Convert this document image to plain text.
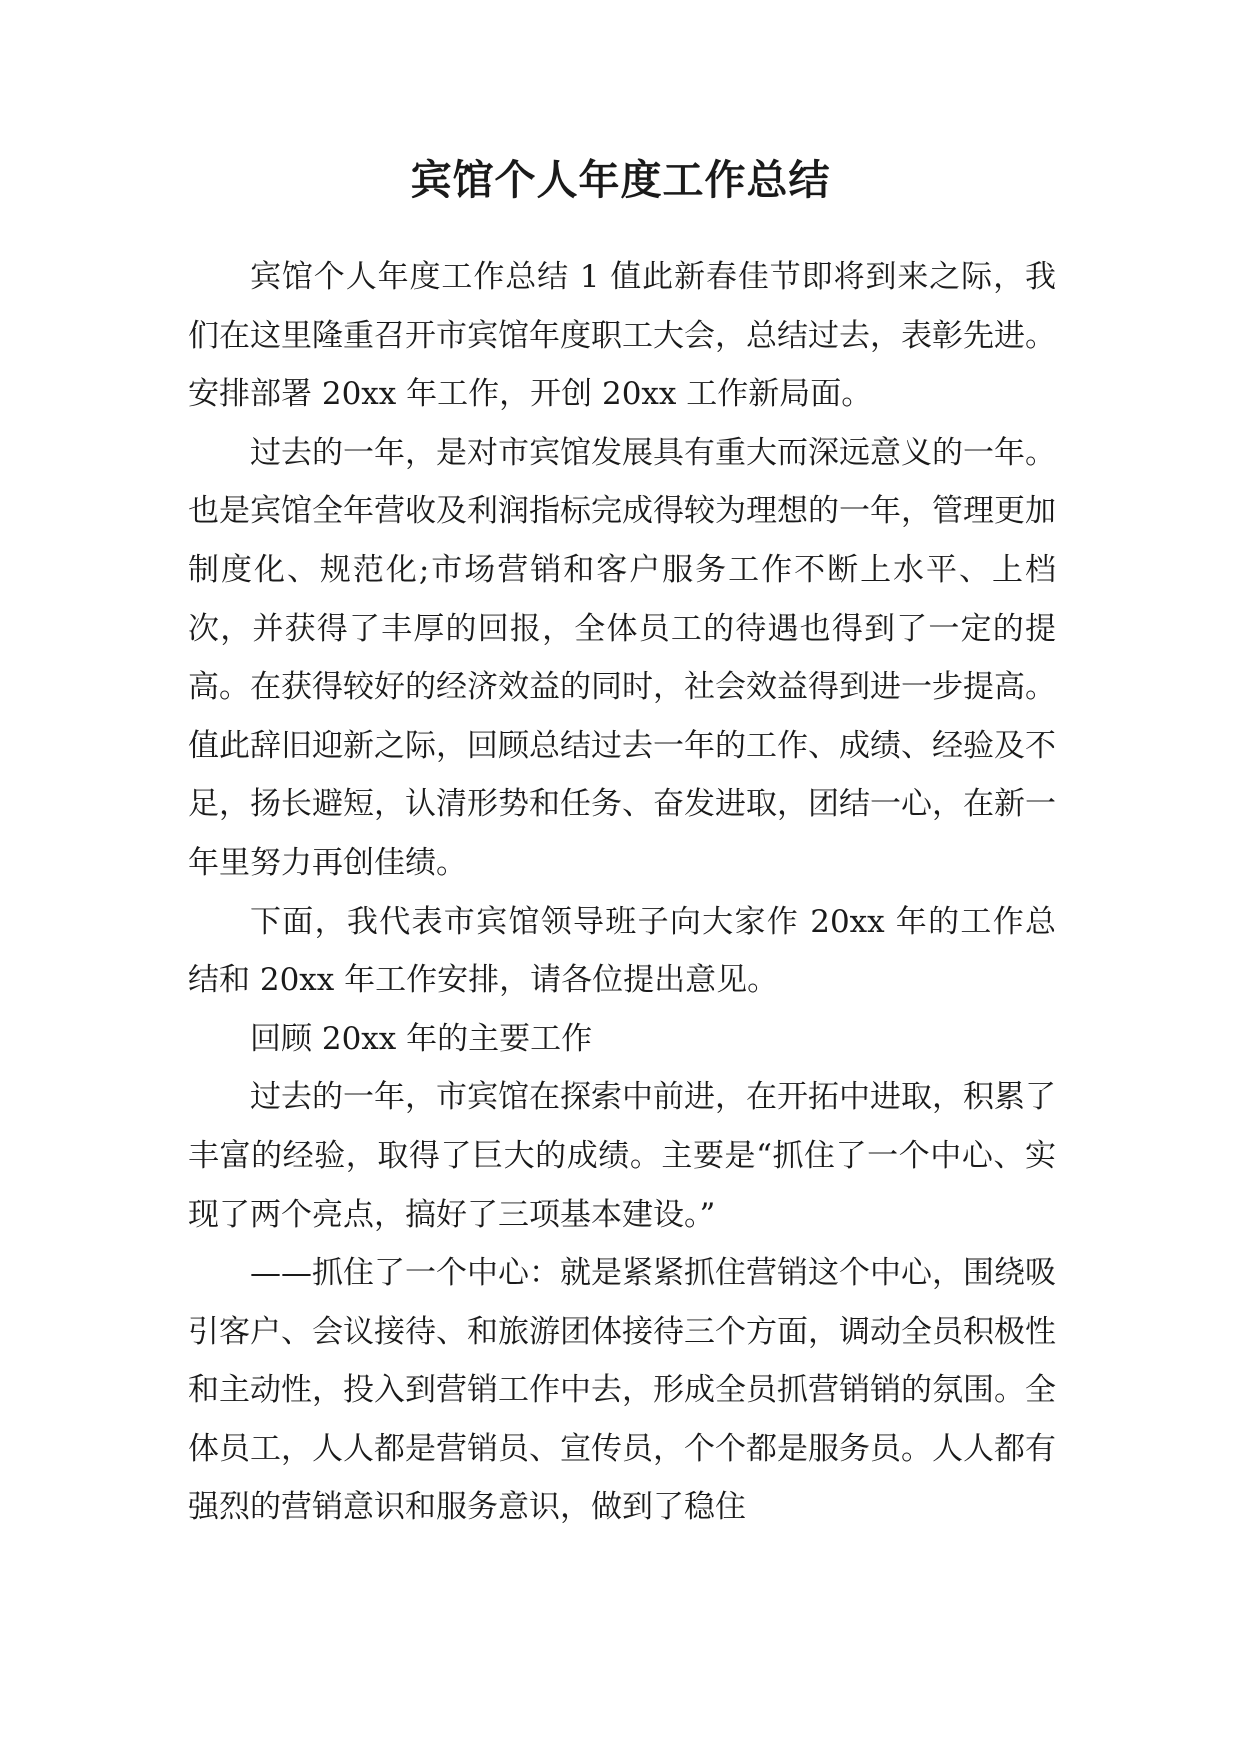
宾馆个人年度工作总结

宾馆个人年度工作总结 1 值此新春佳节即将到来之际，我们在这里隆重召开市宾馆年度职工大会，总结过去，表彰先进。安排部署 20xx 年工作，开创 20xx 工作新局面。

过去的一年，是对市宾馆发展具有重大而深远意义的一年。也是宾馆全年营收及利润指标完成得较为理想的一年，管理更加制度化、规范化;市场营销和客户服务工作不断上水平、上档次，并获得了丰厚的回报，全体员工的待遇也得到了一定的提高。在获得较好的经济效益的同时，社会效益得到进一步提高。值此辞旧迎新之际，回顾总结过去一年的工作、成绩、经验及不足，扬长避短，认清形势和任务、奋发进取，团结一心，在新一年里努力再创佳绩。

下面，我代表市宾馆领导班子向大家作 20xx 年的工作总结和 20xx 年工作安排，请各位提出意见。

回顾 20xx 年的主要工作

过去的一年，市宾馆在探索中前进，在开拓中进取，积累了丰富的经验，取得了巨大的成绩。主要是“抓住了一个中心、实现了两个亮点，搞好了三项基本建设。”

——抓住了一个中心：就是紧紧抓住营销这个中心，围绕吸引客户、会议接待、和旅游团体接待三个方面，调动全员积极性和主动性，投入到营销工作中去，形成全员抓营销销的氛围。全体员工，人人都是营销员、宣传员，个个都是服务员。人人都有强烈的营销意识和服务意识，做到了稳住
